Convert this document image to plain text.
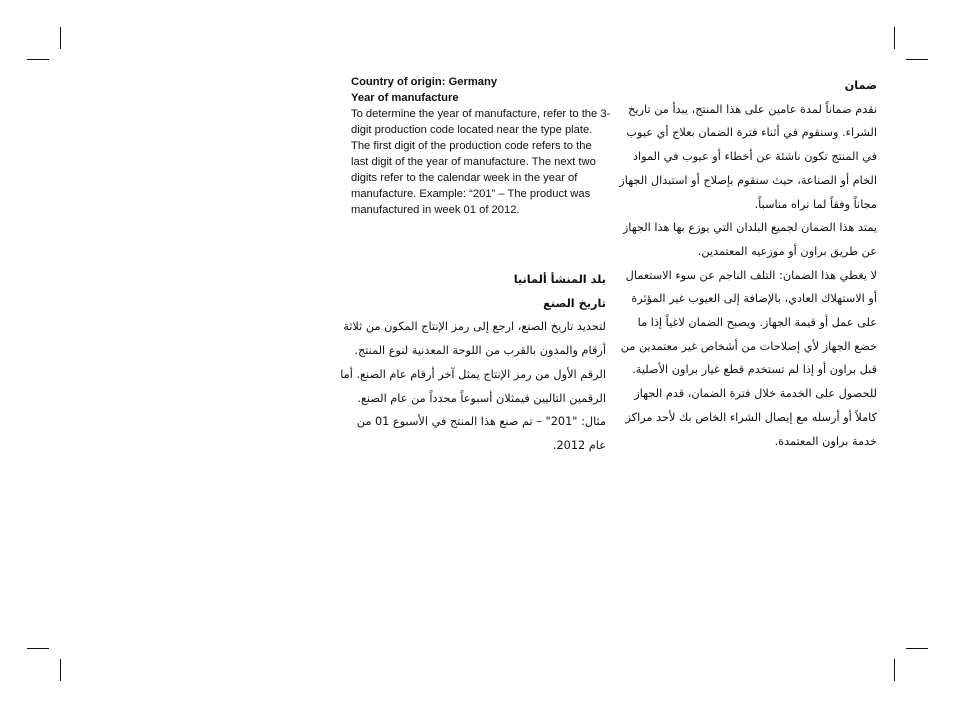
Country of origin: Germany
Year of manufacture
To determine the year of manufacture, refer to the 3-digit production code located near the type plate. The first digit of the production code refers to the last digit of the year of manufacture. The next two digits refer to the calendar week in the year of manufacture. Example: “201” – The product was manufactured in week 01 of 2012.
بلد المنشأ ألمانيا
تاريخ الصنع
لتحديد تاريخ الصنع، ارجع إلى رمز الإنتاج المكون من ثلاثة أرقام والمدون بالقرب من اللوحة المعدنية لنوع المنتج.
الرقم الأول من رمز الإنتاج يمثل آخر أرقام عام الصنع. أما الرقمين التاليين فيمثلان أسبوعاً محدداً من عام الصنع. مثال: "201" – تم صنع هذا المنتج في الأسبوع 01 من عام 2012.
ضمان
نقدم ضماناً لمدة عامين على هذا المنتج، يبدأ من تاريخ الشراء. وسنقوم في أثناء فترة الضمان بعلاج أي عيوب في المنتج تكون ناشئة عن أخطاء أو عيوب في المواد الخام أو الصناعة، حيث سنقوم بإصلاح أو استبدال الجهاز مجاناً وفقاً لما نراه مناسباً.
يمتد هذا الضمان لجميع البلدان التي يوزع بها هذا الجهاز عن طريق براون أو موزعيه المعتمدين.
لا يغطي هذا الضمان: التلف الناجم عن سوء الاستعمال أو الاستهلاك العادي، بالإضافة إلى العيوب غير المؤثرة على عمل أو قيمة الجهاز. ويصبح الضمان لاغياً إذا ما خضع الجهاز لأي إصلاحات من أشخاص غير معتمدين من قبل براون أو إذا لم تستخدم قطع غيار براون الأصلية.
للحصول على الخدمة خلال فترة الضمان، قدم الجهاز كاملاً أو أرسله مع إيصال الشراء الخاص بك لأحد مراكز خدمة براون المعتمدة.
